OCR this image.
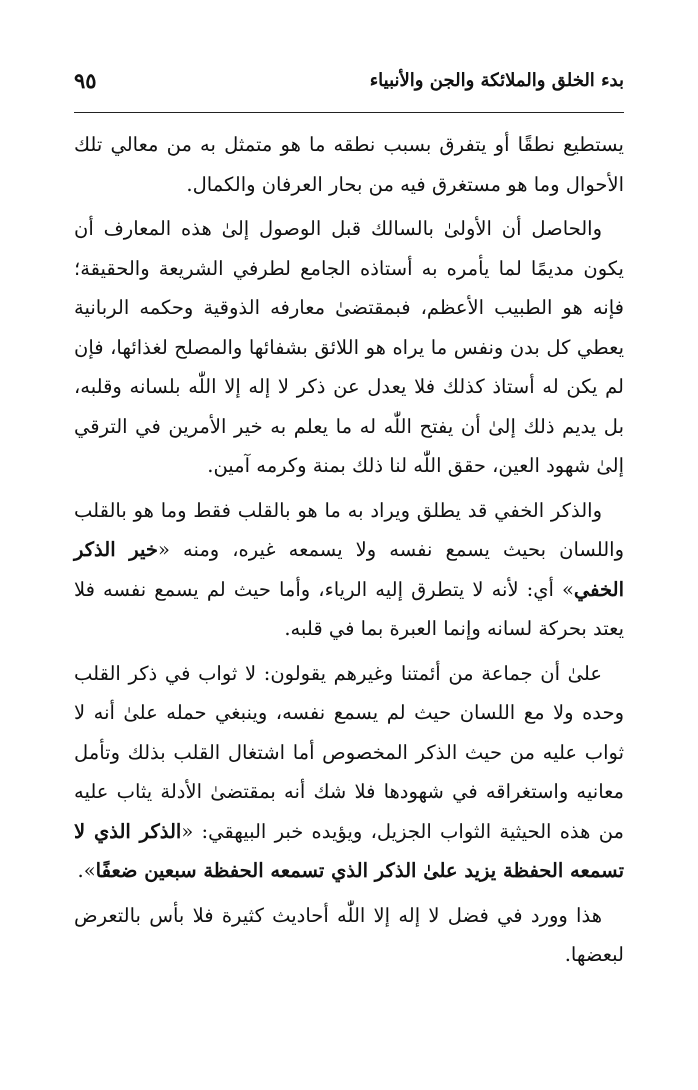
بدء الخلق والملائكة والجن والأنبياء
٩٥

يستطيع نطقًا أو يتفرق بسبب نطقه ما هو متمثل به من معالي تلك الأحوال وما هو مستغرق فيه من بحار العرفان والكمال.

والحاصل أن الأولىٰ بالسالك قبل الوصول إلىٰ هذه المعارف أن يكون مديمًا لما يأمره به أستاذه الجامع لطرفي الشريعة والحقيقة؛ فإنه هو الطبيب الأعظم، فبمقتضىٰ معارفه الذوقية وحكمه الربانية يعطي كل بدن ونفس ما يراه هو اللائق بشفائها والمصلح لغذائها، فإن لم يكن له أستاذ كذلك فلا يعدل عن ذكر لا إله إلا اللّٰه بلسانه وقلبه، بل يديم ذلك إلىٰ أن يفتح اللّٰه له ما يعلم به خير الأمرين في الترقي إلىٰ شهود العين، حقق اللّٰه لنا ذلك بمنة وكرمه آمين.

والذكر الخفي قد يطلق ويراد به ما هو بالقلب فقط وما هو بالقلب واللسان بحيث يسمع نفسه ولا يسمعه غيره، ومنه «خير الذكر الخفي» أي: لأنه لا يتطرق إليه الرياء، وأما حيث لم يسمع نفسه فلا يعتد بحركة لسانه وإنما العبرة بما في قلبه.

علىٰ أن جماعة من أئمتنا وغيرهم يقولون: لا ثواب في ذكر القلب وحده ولا مع اللسان حيث لم يسمع نفسه، وينبغي حمله علىٰ أنه لا ثواب عليه من حيث الذكر المخصوص أما اشتغال القلب بذلك وتأمل معانيه واستغراقه في شهودها فلا شك أنه بمقتضىٰ الأدلة يثاب عليه من هذه الحيثية الثواب الجزيل، ويؤيده خبر البيهقي: «الذكر الذي لا تسمعه الحفظة يزيد علىٰ الذكر الذي تسمعه الحفظة سبعين ضعفًا».

هذا وورد في فضل لا إله إلا اللّٰه أحاديث كثيرة فلا بأس بالتعرض لبعضها.
